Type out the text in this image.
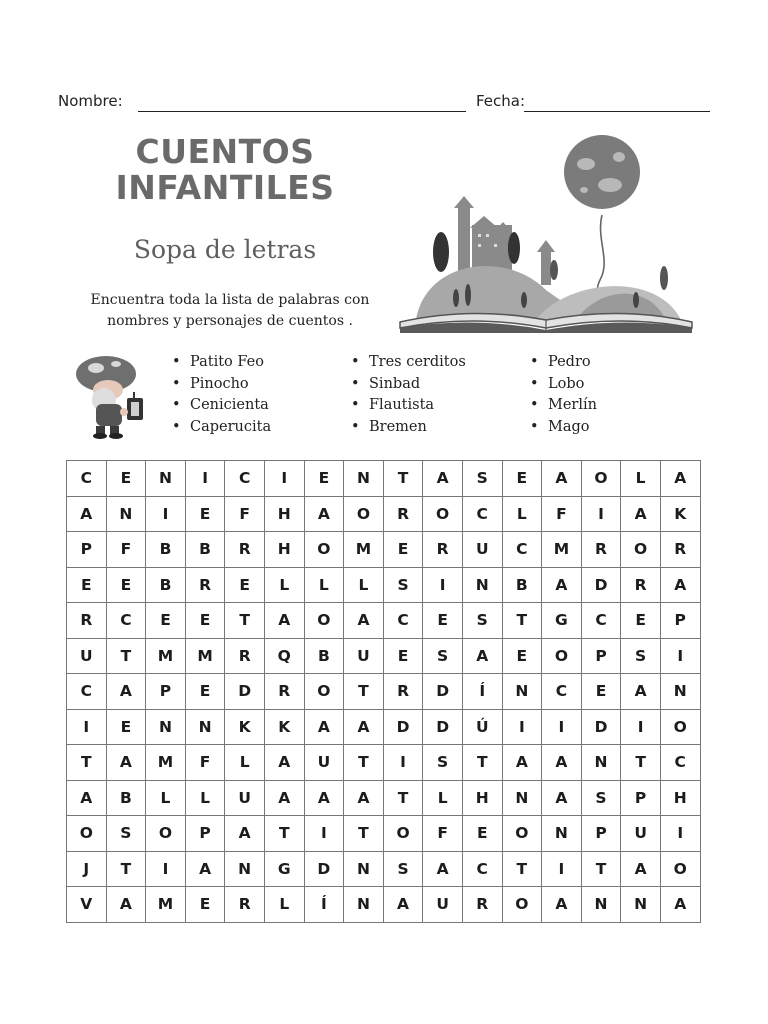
Nombre:	Fecha:
CUENTOS
INFANTILES
Sopa de letras
Encuentra toda la lista de palabras con
nombres y personajes de cuentos .
• Patito Feo
• Pinocho
• Cenicienta
• Caperucita
• Tres cerditos
• Sinbad
• Flautista
• Bremen
• Pedro
• Lobo
• Merlín
• Mago
C	E	N	I	C	I	E	N	T	A	S	E	A	O	L	A
A	N	I	E	F	H	A	O	R	O	C	L	F	I	A	K
P	F	B	B	R	H	O	M	E	R	U	C	M	R	O	R
E	E	B	R	E	L	L	L	S	I	N	B	A	D	R	A
R	C	E	E	T	A	O	A	C	E	S	T	G	C	E	P
U	T	M	M	R	Q	B	U	E	S	A	E	O	P	S	I
C	A	P	E	D	R	O	T	R	D	Í	N	C	E	A	N
I	E	N	N	K	K	A	A	D	D	Ú	I	I	D	I	O
T	A	M	F	L	A	U	T	I	S	T	A	A	N	T	C
A	B	L	L	U	A	A	A	T	L	H	N	A	S	P	H
O	S	O	P	A	T	I	T	O	F	E	O	N	P	U	I
J	T	I	A	N	G	D	N	S	A	C	T	I	T	A	O
V	A	M	E	R	L	Í	N	A	U	R	O	A	N	N	A
